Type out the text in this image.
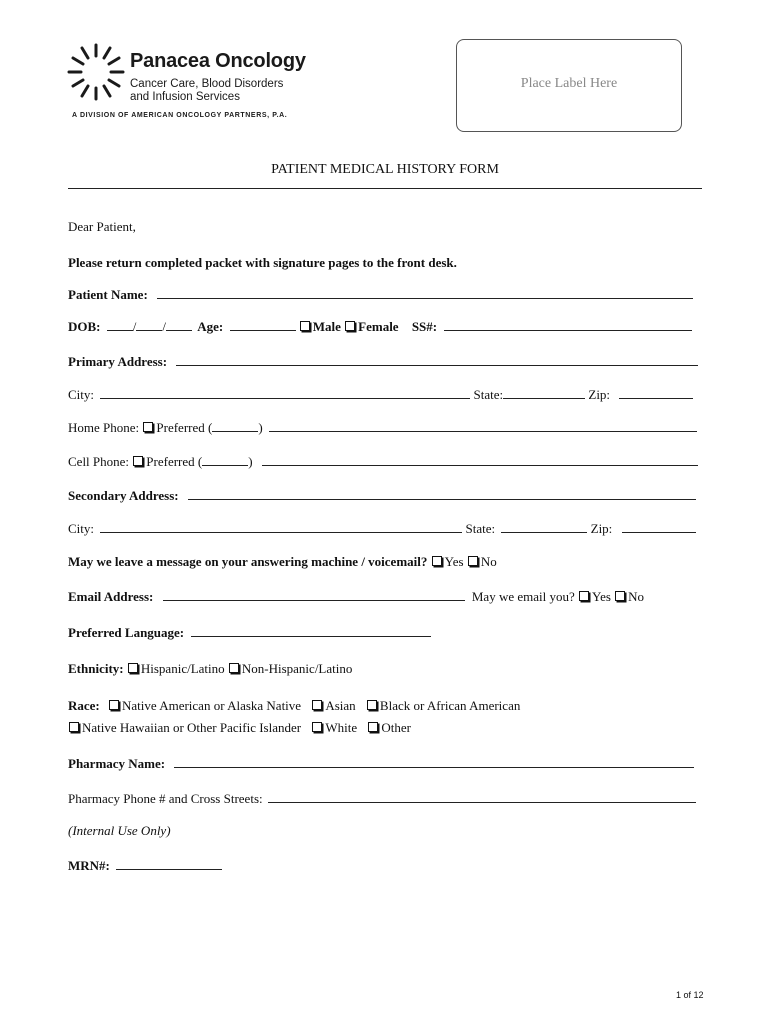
Panacea Oncology
Cancer Care, Blood Disorders
and Infusion Services
A DIVISION OF AMERICAN ONCOLOGY PARTNERS, P.A.
Place Label Here
PATIENT MEDICAL HISTORY FORM
Dear Patient,
Please return completed packet with signature pages to the front desk.
Patient Name:
DOB: / / Age:	Male Female SS#:
Primary Address:
City:	State:	Zip:
Home Phone: Preferred (	)
Cell Phone: Preferred (	)
Secondary Address:
City:	State:	Zip:
May we leave a message on your answering machine / voicemail? Yes No
Email Address:	May we email you? Yes No
Preferred Language:
Ethnicity: Hispanic/Latino Non-Hispanic/Latino
Race: Native American or Alaska Native Asian Black or African American
Native Hawaiian or Other Pacific Islander White Other
Pharmacy Name:
Pharmacy Phone # and Cross Streets:
(Internal Use Only)
MRN#:
1 of 12
